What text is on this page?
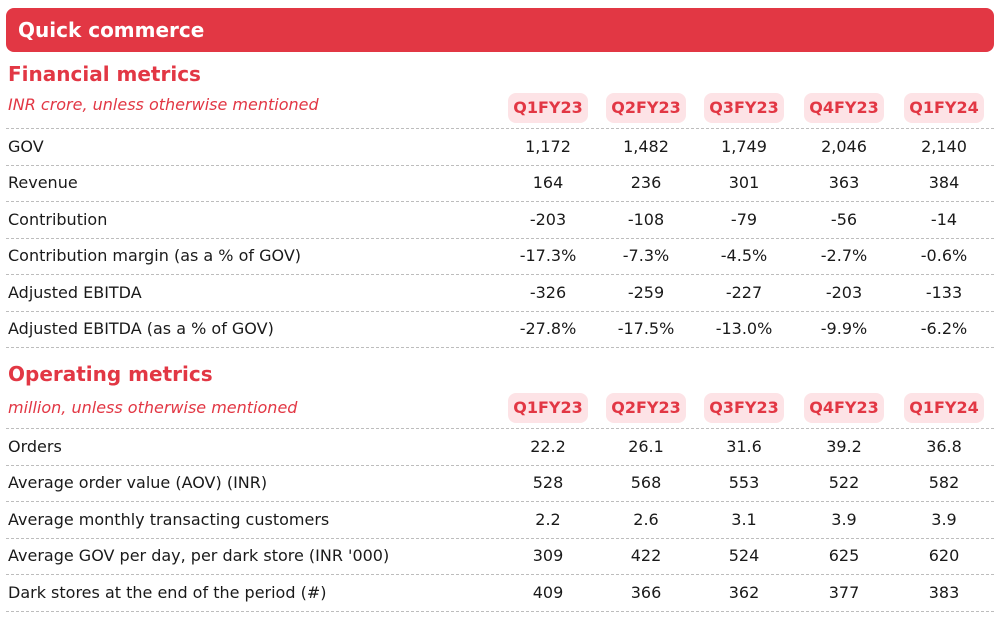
Quick commerce
Financial metrics
INR crore, unless otherwise mentioned	Q1FY23	Q2FY23	Q3FY23	Q4FY23	Q1FY24
GOV	1,172	1,482	1,749	2,046	2,140
Revenue	164	236	301	363	384
Contribution	-203	-108	-79	-56	-14
Contribution margin (as a % of GOV)	-17.3%	-7.3%	-4.5%	-2.7%	-0.6%
Adjusted EBITDA	-326	-259	-227	-203	-133
Adjusted EBITDA (as a % of GOV)	-27.8%	-17.5%	-13.0%	-9.9%	-6.2%
Operating metrics
million, unless otherwise mentioned	Q1FY23	Q2FY23	Q3FY23	Q4FY23	Q1FY24
Orders	22.2	26.1	31.6	39.2	36.8
Average order value (AOV) (INR)	528	568	553	522	582
Average monthly transacting customers	2.2	2.6	3.1	3.9	3.9
Average GOV per day, per dark store (INR '000)	309	422	524	625	620
Dark stores at the end of the period (#)	409	366	362	377	383
